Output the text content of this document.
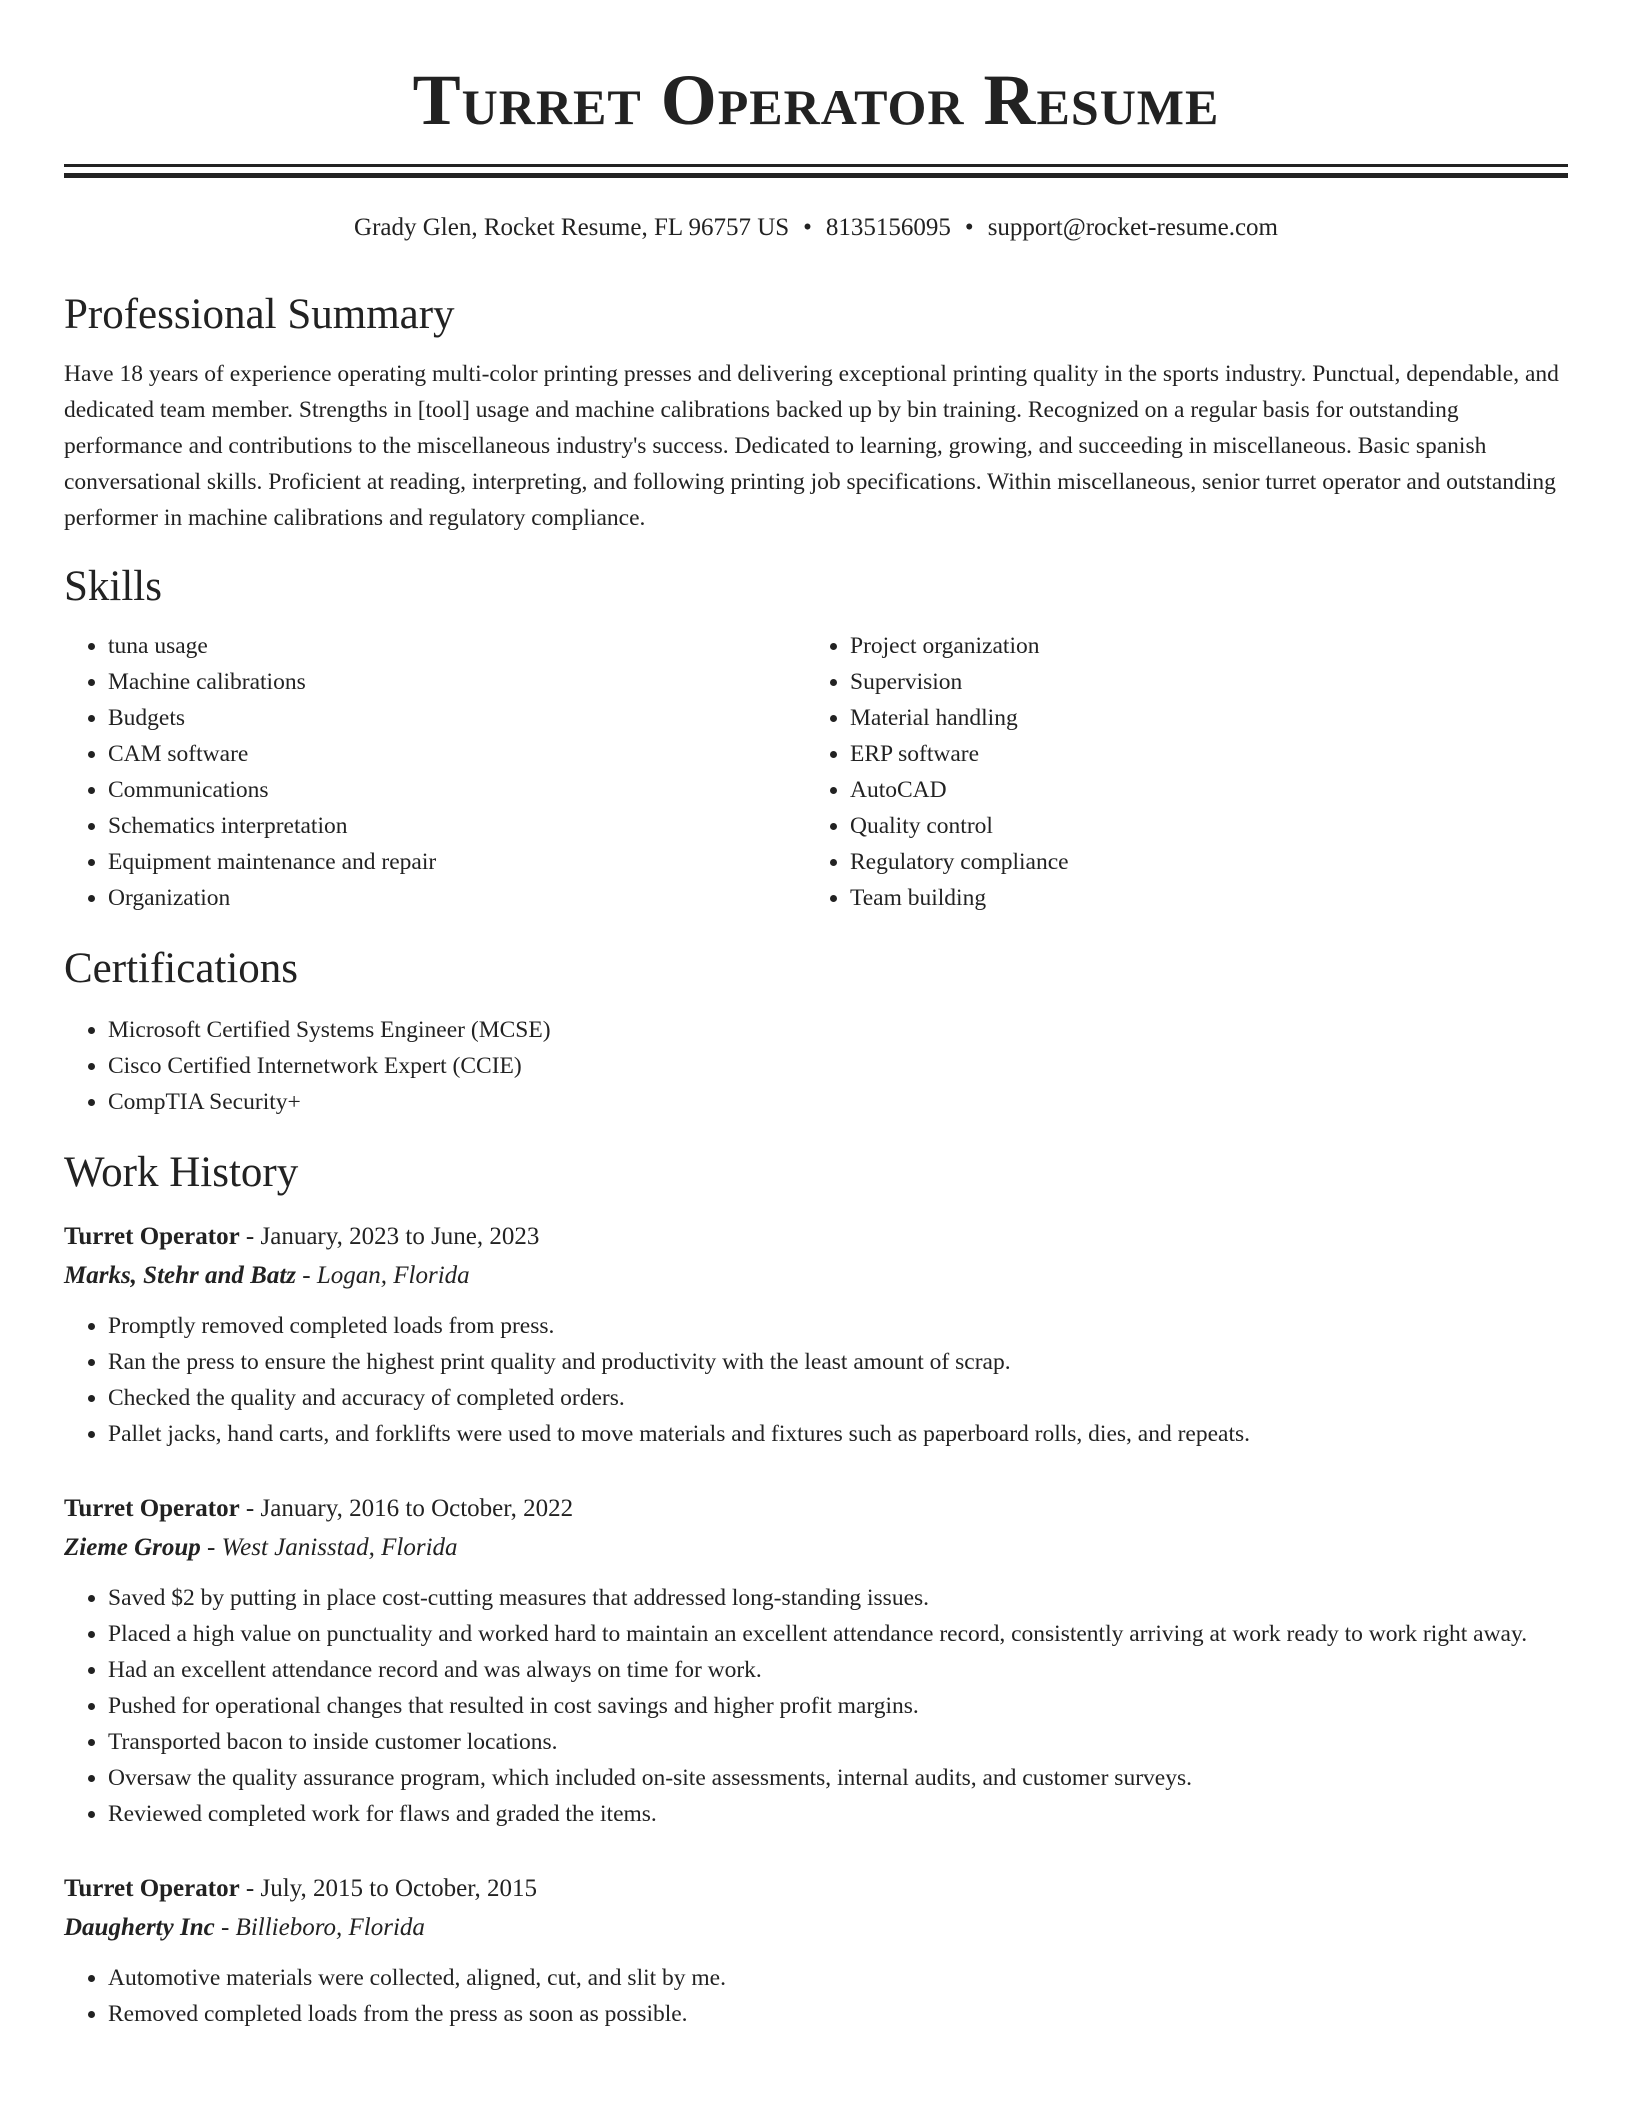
Turret Operator Resume
Grady Glen, Rocket Resume, FL 96757 US • 8135156095 • support@rocket-resume.com
Professional Summary

Have 18 years of experience operating multi-color printing presses and delivering exceptional printing quality in the sports industry. Punctual, dependable, and dedicated team member. Strengths in [tool] usage and machine calibrations backed up by bin training. Recognized on a regular basis for outstanding performance and contributions to the miscellaneous industry's success. Dedicated to learning, growing, and succeeding in miscellaneous. Basic spanish conversational skills. Proficient at reading, interpreting, and following printing job specifications. Within miscellaneous, senior turret operator and outstanding performer in machine calibrations and regulatory compliance.

Skills
• tuna usage
• Machine calibrations
• Budgets
• CAM software
• Communications
• Schematics interpretation
• Equipment maintenance and repair
• Organization
• Project organization
• Supervision
• Material handling
• ERP software
• AutoCAD
• Quality control
• Regulatory compliance
• Team building
Certifications
• Microsoft Certified Systems Engineer (MCSE)
• Cisco Certified Internetwork Expert (CCIE)
• CompTIA Security+
Work History
Turret Operator - January, 2023 to June, 2023
Marks, Stehr and Batz - Logan, Florida
• Promptly removed completed loads from press.
• Ran the press to ensure the highest print quality and productivity with the least amount of scrap.
• Checked the quality and accuracy of completed orders.
• Pallet jacks, hand carts, and forklifts were used to move materials and fixtures such as paperboard rolls, dies, and repeats.
Turret Operator - January, 2016 to October, 2022
Zieme Group - West Janisstad, Florida
• Saved $2 by putting in place cost-cutting measures that addressed long-standing issues.
• Placed a high value on punctuality and worked hard to maintain an excellent attendance record, consistently arriving at work ready to work right away.
• Had an excellent attendance record and was always on time for work.
• Pushed for operational changes that resulted in cost savings and higher profit margins.
• Transported bacon to inside customer locations.
• Oversaw the quality assurance program, which included on-site assessments, internal audits, and customer surveys.
• Reviewed completed work for flaws and graded the items.
Turret Operator - July, 2015 to October, 2015
Daugherty Inc - Billieboro, Florida
• Automotive materials were collected, aligned, cut, and slit by me.
• Removed completed loads from the press as soon as possible.
